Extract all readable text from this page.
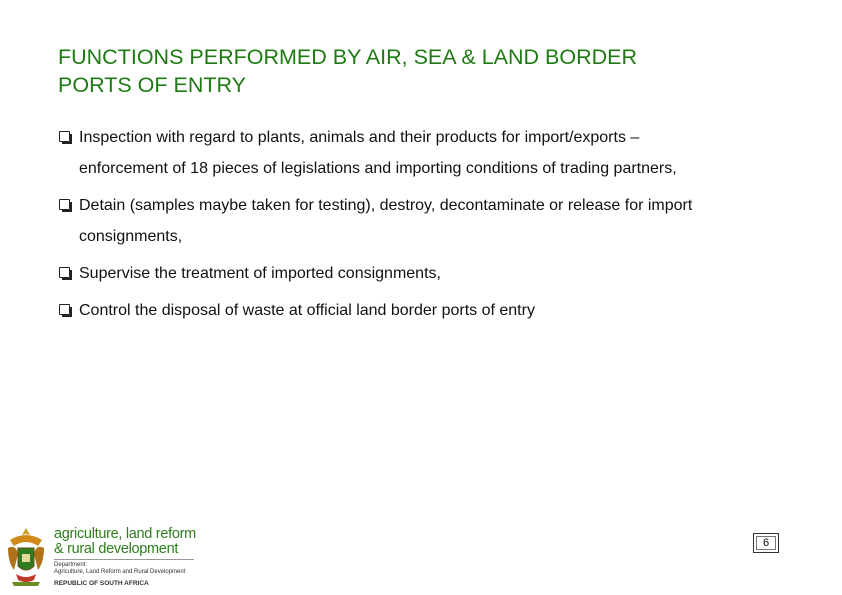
FUNCTIONS PERFORMED BY AIR, SEA & LAND BORDER
PORTS OF ENTRY
Inspection with regard to plants, animals and their products for import/exports –
enforcement of 18 pieces of legislations and importing conditions of trading partners,
Detain (samples maybe taken for testing), destroy, decontaminate or release for import
consignments,
Supervise the treatment of imported consignments,
Control the disposal of waste at official land border ports of entry
agriculture, land reform
& rural development
Department:
Agriculture, Land Reform and Rural Development
REPUBLIC OF SOUTH AFRICA
6
